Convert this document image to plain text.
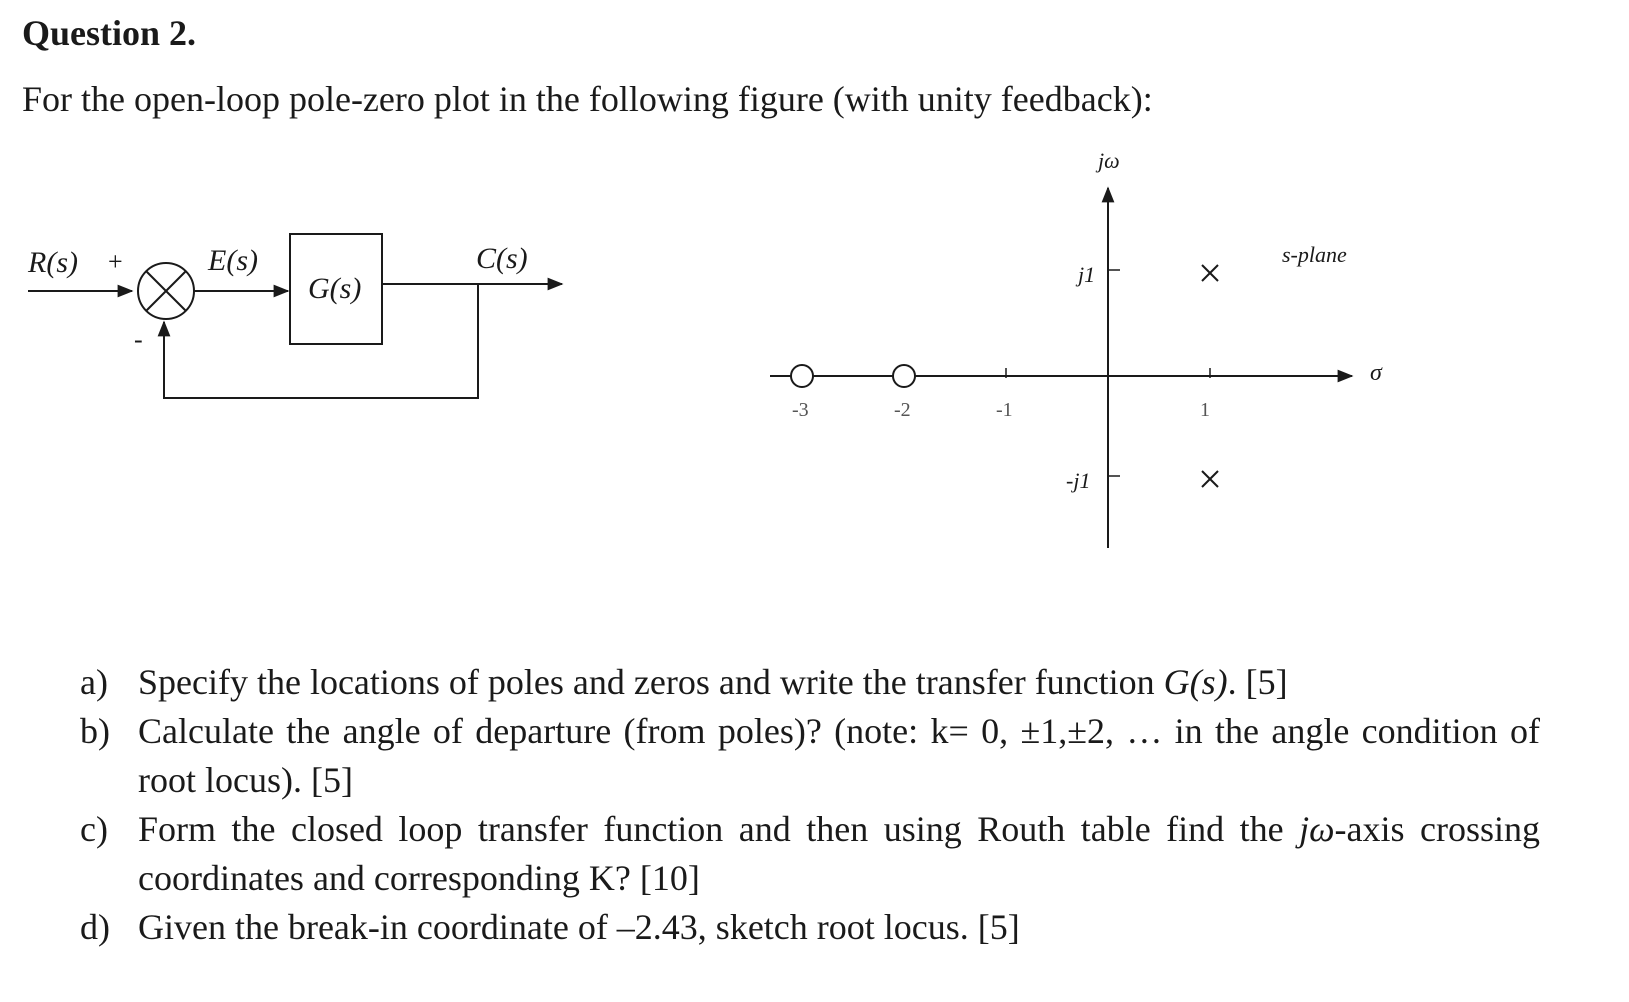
Question 2.

For the open-loop pole-zero plot in the following figure (with unity feedback):

R(s) +
-
E(s)
G(s)
C(s)
jω
σ
s-plane
j1
-j1
-3	-2	-1	1
a) Specify the locations of poles and zeros and write the transfer function G(s). [5]
b) Calculate the angle of departure (from poles)? (note: k= 0, ±1,±2, … in the angle condition of root locus). [5]
c) Form the closed loop transfer function and then using Routh table find the jω-axis crossing coordinates and corresponding K? [10]
d) Given the break-in coordinate of –2.43, sketch root locus. [5]
